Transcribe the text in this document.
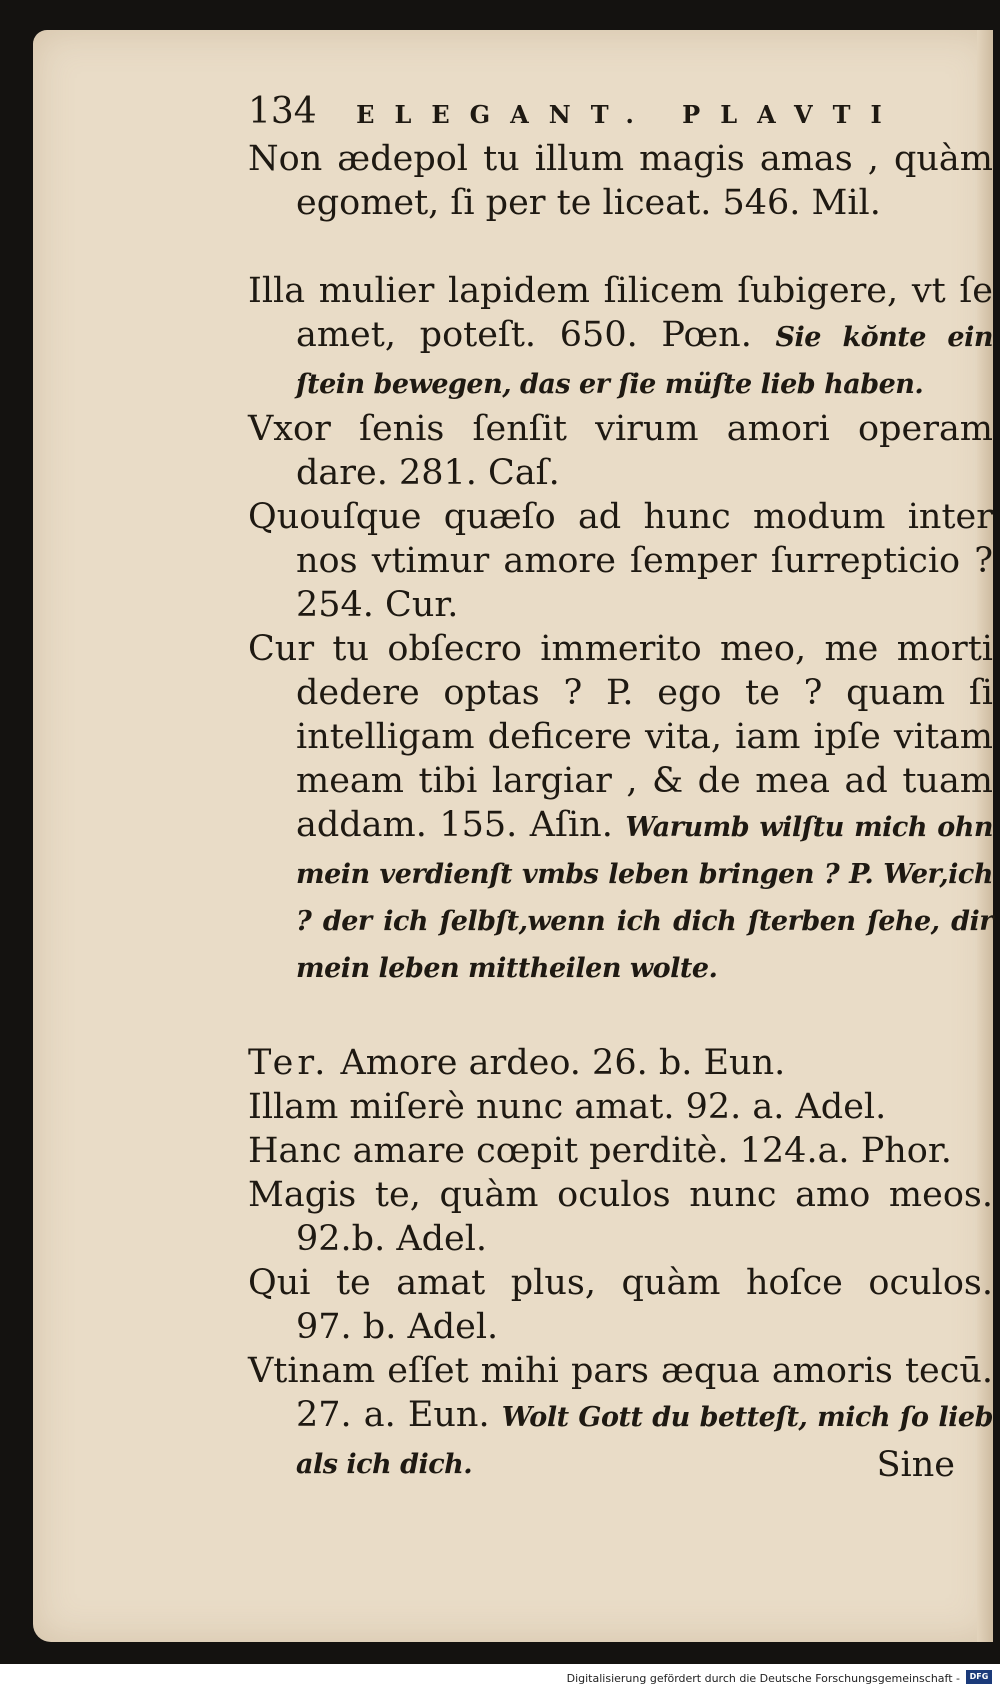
134 ELEGANT. PLAVTI

Non ædepol tu illum magis amas , quàm egomet, ſi per te liceat. 546. Mil.

Illa mulier lapidem ſilicem ſubigere, vt ſe amet, poteſt. 650. Pœn. Sie kŏnte ein ſtein bewegen, das er ſie müſte lieb haben.

Vxor ſenis ſenſit virum amori operam dare. 281. Caſ.

Quouſque quæſo ad hunc modum inter nos vtimur amore ſemper ſurrepticio ? 254. Cur.

Cur tu obſecro immerito meo, me morti dedere optas ? P. ego te ? quam ſi intelligam deficere vita, iam ipſe vitam meam tibi largiar , & de mea ad tuam addam. 155. Aſin. Warumb wilſtu mich ohn mein verdienſt vmbs leben bringen ? P. Wer,ich ? der ich ſelbſt,wenn ich dich ſterben ſehe, dir mein leben mittheilen wolte.

Ter. Amore ardeo. 26. b. Eun.

Illam miſerè nunc amat. 92. a. Adel.

Hanc amare cœpit perditè. 124.a. Phor.

Magis te, quàm oculos nunc amo meos. 92.b. Adel.

Qui te amat plus, quàm hoſce oculos. 97. b. Adel.

Vtinam eſſet mihi pars æqua amoris tecū. 27. a. Eun. Wolt Gott du betteſt, mich ſo lieb als ich dich.	Sine
Digitalisierung gefördert durch die Deutsche Forschungsgemeinschaft -	DFG
